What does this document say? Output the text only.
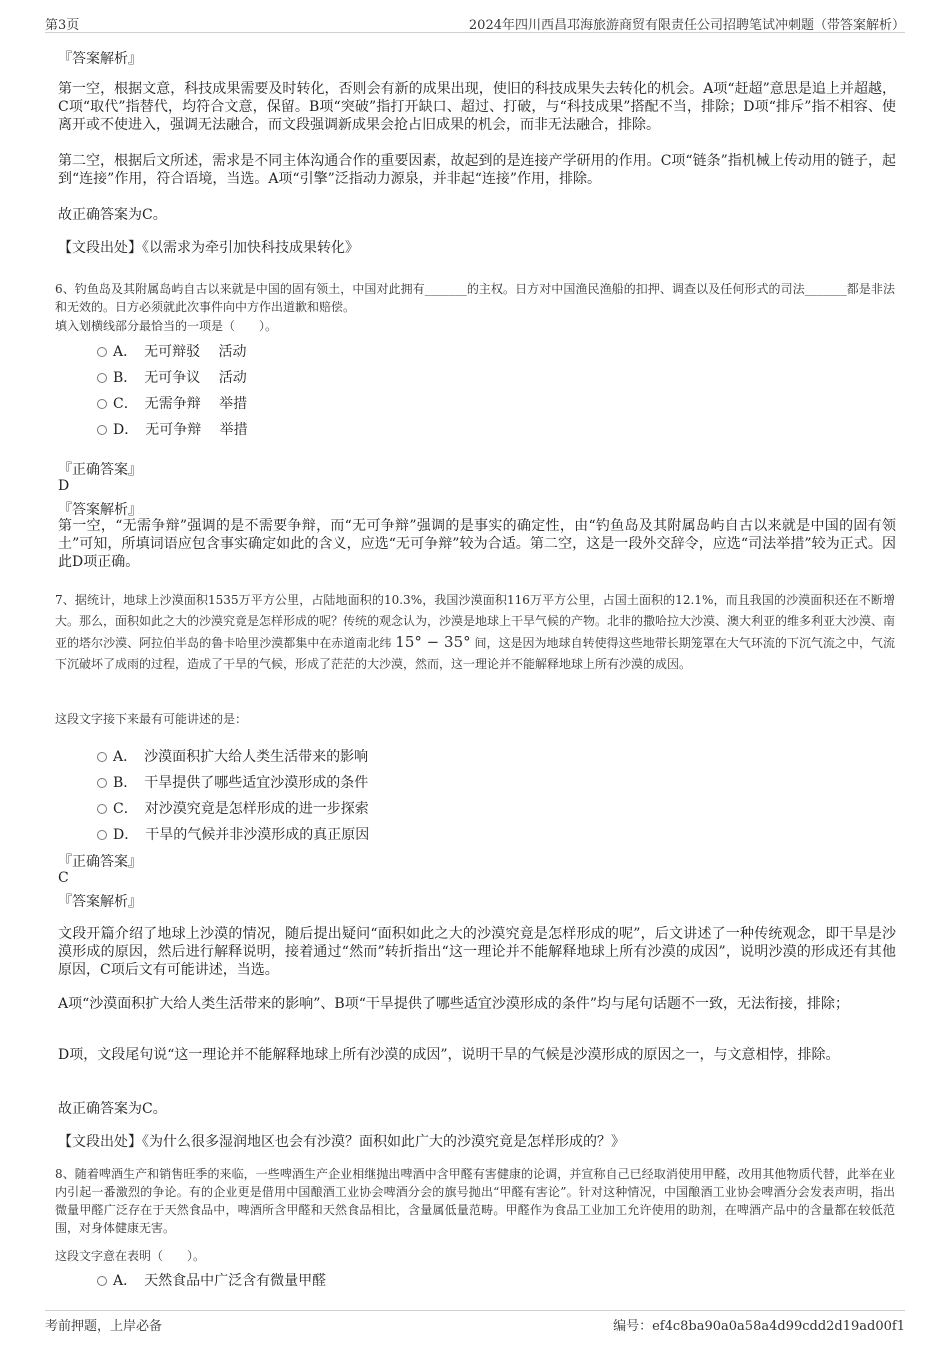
第3页	2024年四川西昌邛海旅游商贸有限责任公司招聘笔试冲刺题（带答案解析）
『答案解析』

第一空，根据文意，科技成果需要及时转化，否则会有新的成果出现，使旧的科技成果失去转化的机会。A项“赶超”意思是追上并超越，C项“取代”指替代，均符合文意，保留。B项“突破”指打开缺口、超过、打破，与“科技成果”搭配不当，排除；D项“排斥”指不相容、使离开或不使进入，强调无法融合，而文段强调新成果会抢占旧成果的机会，而非无法融合，排除。

第二空，根据后文所述，需求是不同主体沟通合作的重要因素，故起到的是连接产学研用的作用。C项“链条”指机械上传动用的链子，起到“连接”作用，符合语境，当选。A项“引擎”泛指动力源泉，并非起“连接”作用，排除。

故正确答案为C。
【文段出处】《以需求为牵引加快科技成果转化》

6、钓鱼岛及其附属岛屿自古以来就是中国的固有领土，中国对此拥有_______的主权。日方对中国渔民渔船的扣押、调查以及任何形式的司法_______都是非法和无效的。日方必须就此次事件向中方作出道歉和赔偿。

填入划横线部分最恰当的一项是（　　）。
A．　无可辩驳　 活动
B．　无可争议　 活动
C．　无需争辩　 举措
D．　无可争辩　 举措
『正确答案』
D
『答案解析』

第一空，“无需争辩”强调的是不需要争辩，而“无可争辩”强调的是事实的确定性，由“钓鱼岛及其附属岛屿自古以来就是中国的固有领土”可知，所填词语应包含事实确定如此的含义，应选“无可争辩”较为合适。第二空，这是一段外交辞令，应选“司法举措”较为正式。因此D项正确。

7、据统计，地球上沙漠面积1535万平方公里，占陆地面积的10.3%，我国沙漠面积116万平方公里，占国土面积的12.1%，而且我国的沙漠面积还在不断增大。那么，面积如此之大的沙漠究竟是怎样形成的呢？传统的观念认为，沙漠是地球上干旱气候的产物。北非的撒哈拉大沙漠、澳大利亚的维多利亚大沙漠、南亚的塔尔沙漠、阿拉伯半岛的鲁卡哈里沙漠都集中在赤道南北纬 15° − 35° 间，这是因为地球自转使得这些地带长期笼罩在大气环流的下沉气流之中，气流下沉破坏了成雨的过程，造成了干旱的气候，形成了茫茫的大沙漠，然而，这一理论并不能解释地球上所有沙漠的成因。

这段文字接下来最有可能讲述的是：
A．　沙漠面积扩大给人类生活带来的影响
B．　干旱提供了哪些适宜沙漠形成的条件
C．　对沙漠究竟是怎样形成的进一步探索
D．　干旱的气候并非沙漠形成的真正原因
『正确答案』
C
『答案解析』

文段开篇介绍了地球上沙漠的情况，随后提出疑问“面积如此之大的沙漠究竟是怎样形成的呢”，后文讲述了一种传统观念，即干旱是沙漠形成的原因，然后进行解释说明，接着通过“然而”转折指出“这一理论并不能解释地球上所有沙漠的成因”，说明沙漠的形成还有其他原因，C项后文有可能讲述，当选。

A项“沙漠面积扩大给人类生活带来的影响”、B项“干旱提供了哪些适宜沙漠形成的条件”均与尾句话题不一致，无法衔接，排除；

D项，文段尾句说“这一理论并不能解释地球上所有沙漠的成因”，说明干旱的气候是沙漠形成的原因之一，与文意相悖，排除。

故正确答案为C。
【文段出处】《为什么很多湿润地区也会有沙漠？面积如此广大的沙漠究竟是怎样形成的？》

8、随着啤酒生产和销售旺季的来临，一些啤酒生产企业相继抛出啤酒中含甲醛有害健康的论调，并宣称自己已经取消使用甲醛，改用其他物质代替，此举在业内引起一番激烈的争论。有的企业更是借用中国酿酒工业协会啤酒分会的旗号抛出“甲醛有害论”。针对这种情况，中国酿酒工业协会啤酒分会发表声明，指出微量甲醛广泛存在于天然食品中，啤酒所含甲醛和天然食品相比，含量属低量范畴。甲醛作为食品工业加工允许使用的助剂，在啤酒产品中的含量都在较低范围，对身体健康无害。

这段文字意在表明（　　）。
A．　天然食品中广泛含有微量甲醛
考前押题，上岸必备	编号：ef4c8ba90a0a58a4d99cdd2d19ad00f1
